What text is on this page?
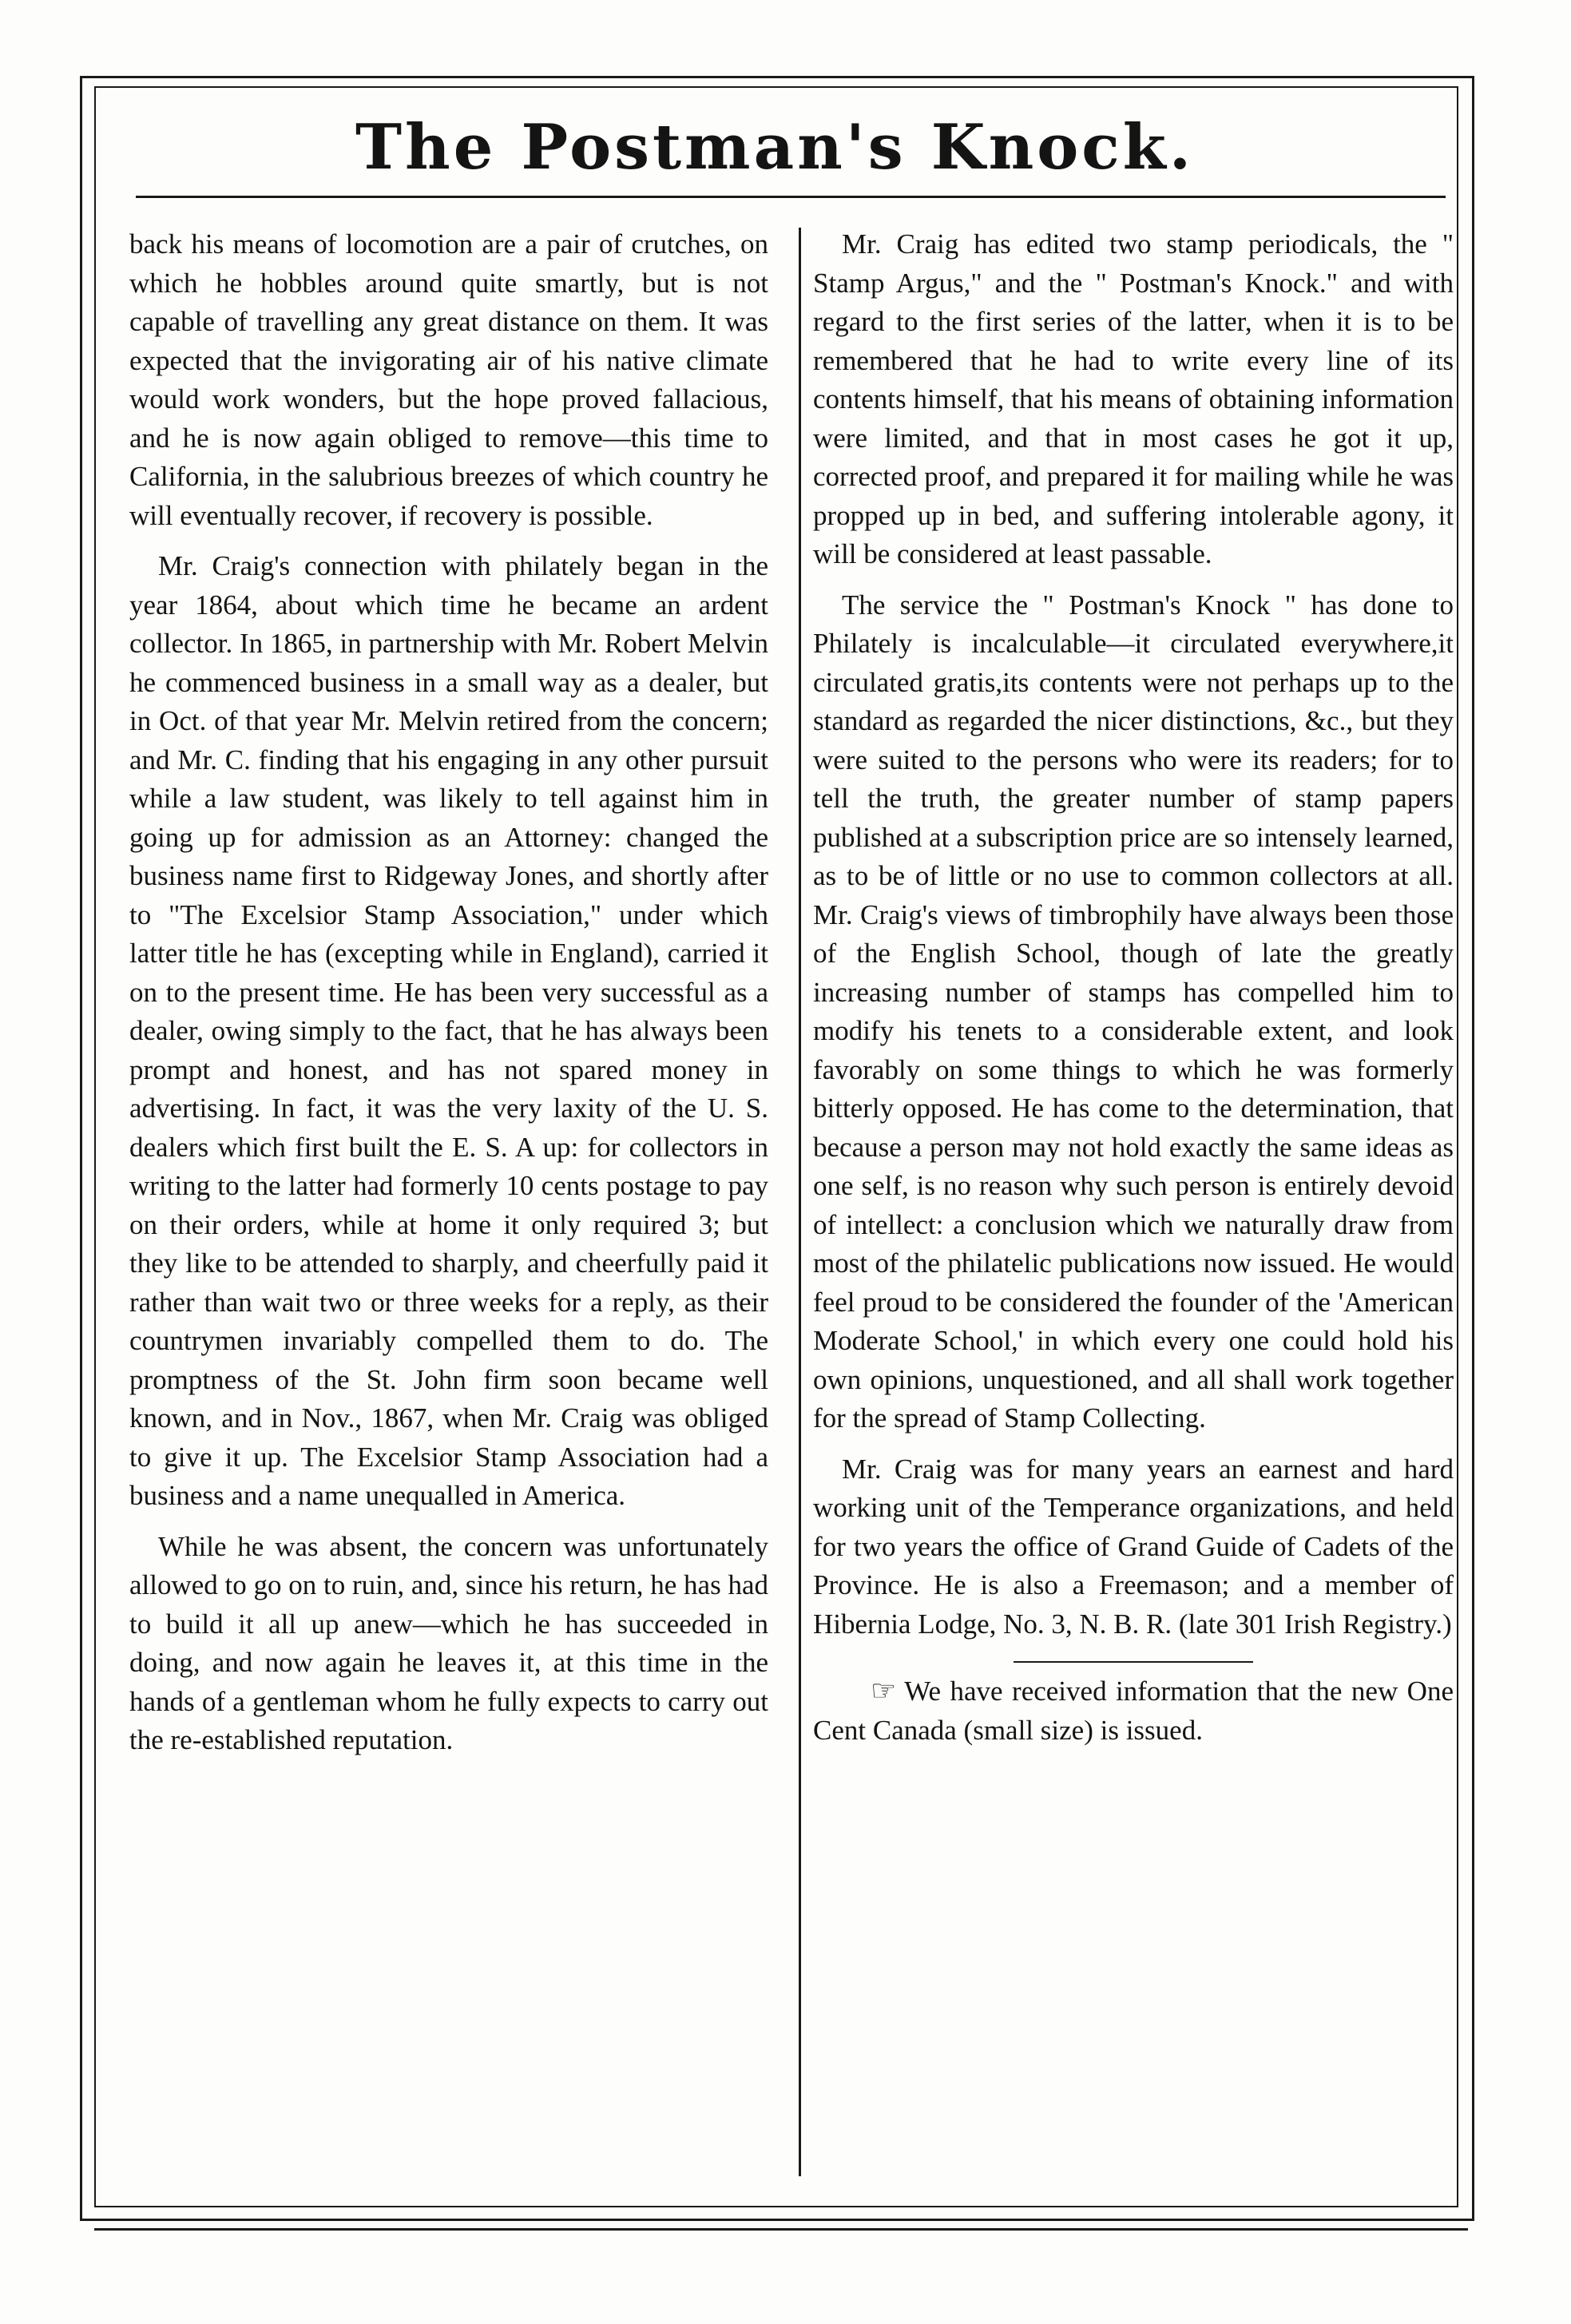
The Postman's Knock.

back his means of locomotion are a pair of crutches, on which he hobbles around quite smartly, but is not capable of travelling any great distance on them. It was expected that the invigorating air of his native climate would work wonders, but the hope proved fallacious, and he is now again obliged to remove—this time to California, in the salubrious breezes of which country he will eventually recover, if recovery is possible.

Mr. Craig's connection with philately began in the year 1864, about which time he became an ardent collector. In 1865, in partnership with Mr. Robert Melvin he commenced business in a small way as a dealer, but in Oct. of that year Mr. Melvin retired from the concern; and Mr. C. finding that his engaging in any other pursuit while a law student, was likely to tell against him in going up for admission as an Attorney: changed the business name first to Ridgeway Jones, and shortly after to "The Excelsior Stamp Association," under which latter title he has (excepting while in England), carried it on to the present time. He has been very successful as a dealer, owing simply to the fact, that he has always been prompt and honest, and has not spared money in advertising. In fact, it was the very laxity of the U. S. dealers which first built the E. S. A up: for collectors in writing to the latter had formerly 10 cents postage to pay on their orders, while at home it only required 3; but they like to be attended to sharply, and cheerfully paid it rather than wait two or three weeks for a reply, as their countrymen invariably compelled them to do. The promptness of the St. John firm soon became well known, and in Nov., 1867, when Mr. Craig was obliged to give it up. The Excelsior Stamp Association had a business and a name unequalled in America.

While he was absent, the concern was unfortunately allowed to go on to ruin, and, since his return, he has had to build it all up anew—which he has succeeded in doing, and now again he leaves it, at this time in the hands of a gentleman whom he fully expects to carry out the re-established reputation.

Mr. Craig has edited two stamp periodicals, the " Stamp Argus," and the " Postman's Knock." and with regard to the first series of the latter, when it is to be remembered that he had to write every line of its contents himself, that his means of obtaining information were limited, and that in most cases he got it up, corrected proof, and prepared it for mailing while he was propped up in bed, and suffering intolerable agony, it will be considered at least passable.

The service the " Postman's Knock " has done to Philately is incalculable—it circulated everywhere,it circulated gratis,its contents were not perhaps up to the standard as regarded the nicer distinctions, &c., but they were suited to the persons who were its readers; for to tell the truth, the greater number of stamp papers published at a subscription price are so intensely learned, as to be of little or no use to common collectors at all. Mr. Craig's views of timbrophily have always been those of the English School, though of late the greatly increasing number of stamps has compelled him to modify his tenets to a considerable extent, and look favorably on some things to which he was formerly bitterly opposed. He has come to the determination, that because a person may not hold exactly the same ideas as one self, is no reason why such person is entirely devoid of intellect: a conclusion which we naturally draw from most of the philatelic publications now issued. He would feel proud to be considered the founder of the 'American Moderate School,' in which every one could hold his own opinions, unquestioned, and all shall work together for the spread of Stamp Collecting.

Mr. Craig was for many years an earnest and hard working unit of the Temperance organizations, and held for two years the office of Grand Guide of Cadets of the Province. He is also a Freemason; and a member of Hibernia Lodge, No. 3, N. B. R. (late 301 Irish Registry.)

☞ We have received information that the new One Cent Canada (small size) is issued.
